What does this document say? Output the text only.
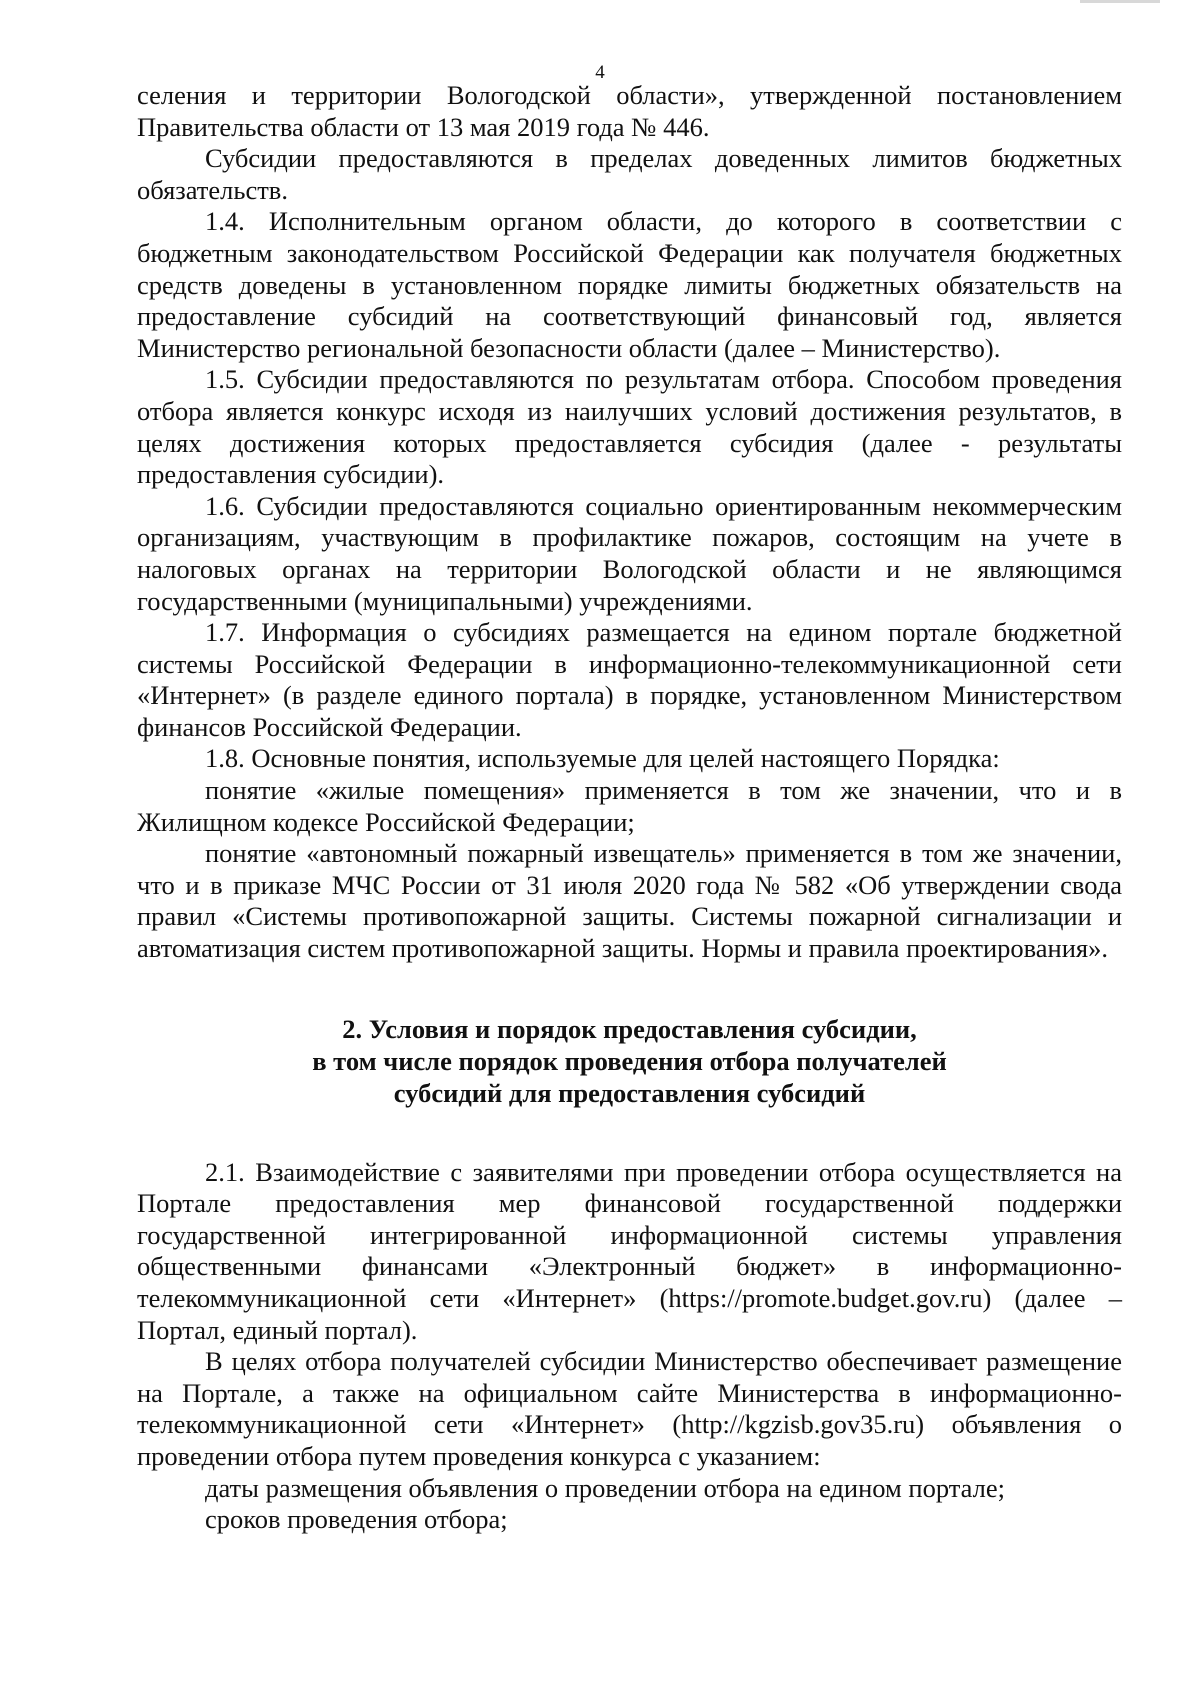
4

селения и территории Вологодской области», утвержденной постановлением Правительства области от 13 мая 2019 года № 446.

Субсидии предоставляются в пределах доведенных лимитов бюджетных обязательств.

1.4. Исполнительным органом области, до которого в соответствии с бюджетным законодательством Российской Федерации как получателя бюджетных средств доведены в установленном порядке лимиты бюджетных обязательств на предоставление субсидий на соответствующий финансовый год, является Министерство региональной безопасности области (далее – Министерство).

1.5. Субсидии предоставляются по результатам отбора. Способом проведения отбора является конкурс исходя из наилучших условий достижения результатов, в целях достижения которых предоставляется субсидия (далее - результаты предоставления субсидии).

1.6. Субсидии предоставляются социально ориентированным некоммерческим организациям, участвующим в профилактике пожаров, состоящим на учете в налоговых органах на территории Вологодской области и не являющимся государственными (муниципальными) учреждениями.

1.7. Информация о субсидиях размещается на едином портале бюджетной системы Российской Федерации в информационно-телекоммуникационной сети «Интернет» (в разделе единого портала) в порядке, установленном Министерством финансов Российской Федерации.

1.8. Основные понятия, используемые для целей настоящего Порядка:

понятие «жилые помещения» применяется в том же значении, что и в Жилищном кодексе Российской Федерации;

понятие «автономный пожарный извещатель» применяется в том же значении, что и в приказе МЧС России от 31 июля 2020 года № 582 «Об утверждении свода правил «Системы противопожарной защиты. Системы пожарной сигнализации и автоматизация систем противопожарной защиты. Нормы и правила проектирования».

2. Условия и порядок предоставления субсидии,
в том числе порядок проведения отбора получателей
субсидий для предоставления субсидий

2.1. Взаимодействие с заявителями при проведении отбора осуществляется на Портале предоставления мер финансовой государственной поддержки государственной интегрированной информационной системы управления общественными финансами «Электронный бюджет» в информационно-телекоммуникационной сети «Интернет» (https://promote.budget.gov.ru) (далее – Портал, единый портал).

В целях отбора получателей субсидии Министерство обеспечивает размещение на Портале, а также на официальном сайте Министерства в информационно-телекоммуникационной сети «Интернет» (http://kgzisb.gov35.ru) объявления о проведении отбора путем проведения конкурса с указанием:

даты размещения объявления о проведении отбора на едином портале;

сроков проведения отбора;
